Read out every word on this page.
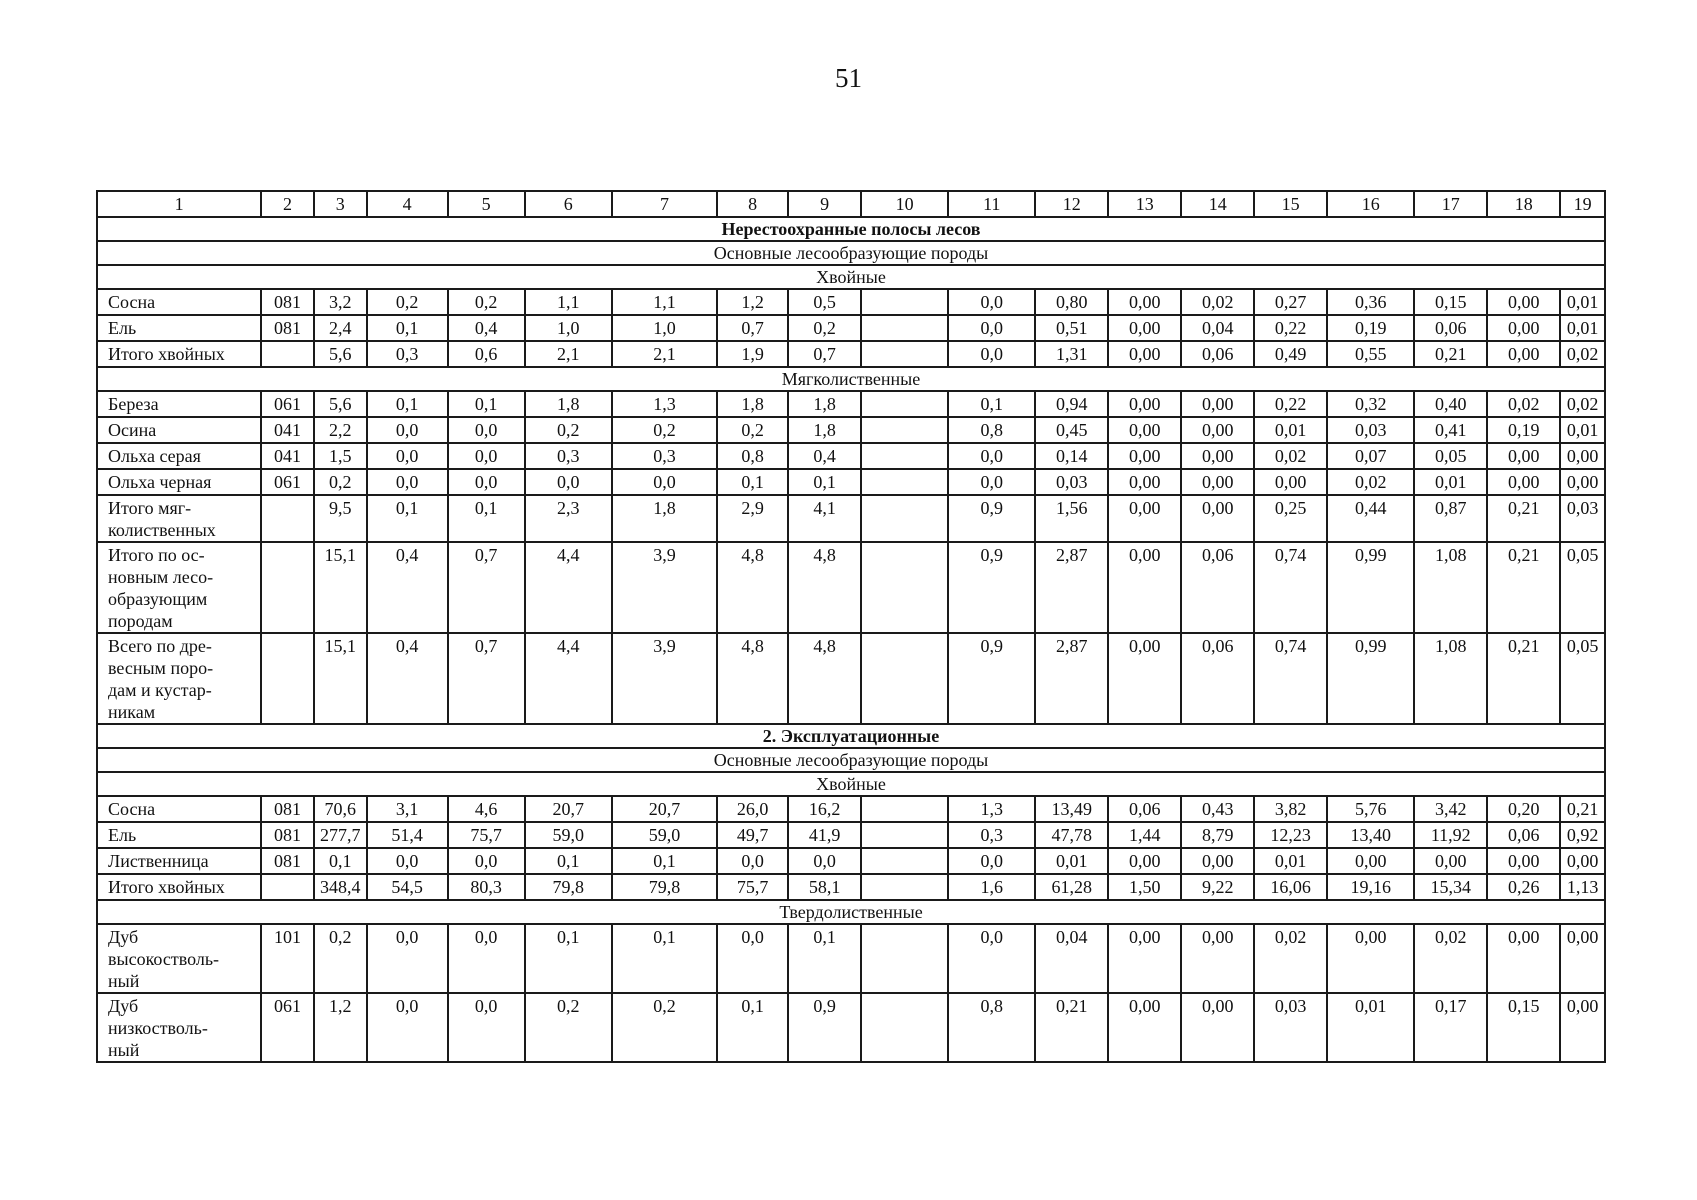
51
1	2	3	4	5	6	7	8	9	10	11	12	13	14	15	16	17	18	19
Нерестоохранные полосы лесов																		
Основные лесообразующие породы																		
Хвойные																		

Сосна	081	3,2	0,2	0,2	1,1	1,1	1,2	0,5		0,0	0,80	0,00	0,02	0,27	0,36	0,15	0,00	0,01

Ель	081	2,4	0,1	0,4	1,0	1,0	0,7	0,2		0,0	0,51	0,00	0,04	0,22	0,19	0,06	0,00	0,01

Итого хвойных		5,6	0,3	0,6	2,1	2,1	1,9	0,7		0,0	1,31	0,00	0,06	0,49	0,55	0,21	0,00	0,02
Мягколиственные																		

Береза	061	5,6	0,1	0,1	1,8	1,3	1,8	1,8		0,1	0,94	0,00	0,00	0,22	0,32	0,40	0,02	0,02

Осина	041	2,2	0,0	0,0	0,2	0,2	0,2	1,8		0,8	0,45	0,00	0,00	0,01	0,03	0,41	0,19	0,01

Ольха серая	041	1,5	0,0	0,0	0,3	0,3	0,8	0,4		0,0	0,14	0,00	0,00	0,02	0,07	0,05	0,00	0,00

Ольха черная	061	0,2	0,0	0,0	0,0	0,0	0,1	0,1		0,0	0,03	0,00	0,00	0,00	0,02	0,01	0,00	0,00

Итого мяг-
колиственных		9,5	0,1	0,1	2,3	1,8	2,9	4,1		0,9	1,56	0,00	0,00	0,25	0,44	0,87	0,21	0,03

Итого по ос-
новным лесо-
образующим
породам		15,1	0,4	0,7	4,4	3,9	4,8	4,8		0,9	2,87	0,00	0,06	0,74	0,99	1,08	0,21	0,05

Всего по дре-
весным поро-
дам и кустар-
никам		15,1	0,4	0,7	4,4	3,9	4,8	4,8		0,9	2,87	0,00	0,06	0,74	0,99	1,08	0,21	0,05
2. Эксплуатационные																		
Основные лесообразующие породы																		
Хвойные																		

Сосна	081	70,6	3,1	4,6	20,7	20,7	26,0	16,2		1,3	13,49	0,06	0,43	3,82	5,76	3,42	0,20	0,21

Ель	081	277,7	51,4	75,7	59,0	59,0	49,7	41,9		0,3	47,78	1,44	8,79	12,23	13,40	11,92	0,06	0,92

Лиственница	081	0,1	0,0	0,0	0,1	0,1	0,0	0,0		0,0	0,01	0,00	0,00	0,01	0,00	0,00	0,00	0,00

Итого хвойных		348,4	54,5	80,3	79,8	79,8	75,7	58,1		1,6	61,28	1,50	9,22	16,06	19,16	15,34	0,26	1,13
Твердолиственные																		

Дуб
высокостволь-
ный	101	0,2	0,0	0,0	0,1	0,1	0,0	0,1		0,0	0,04	0,00	0,00	0,02	0,00	0,02	0,00	0,00

Дуб
низкостволь-
ный	061	1,2	0,0	0,0	0,2	0,2	0,1	0,9		0,8	0,21	0,00	0,00	0,03	0,01	0,17	0,15	0,00
